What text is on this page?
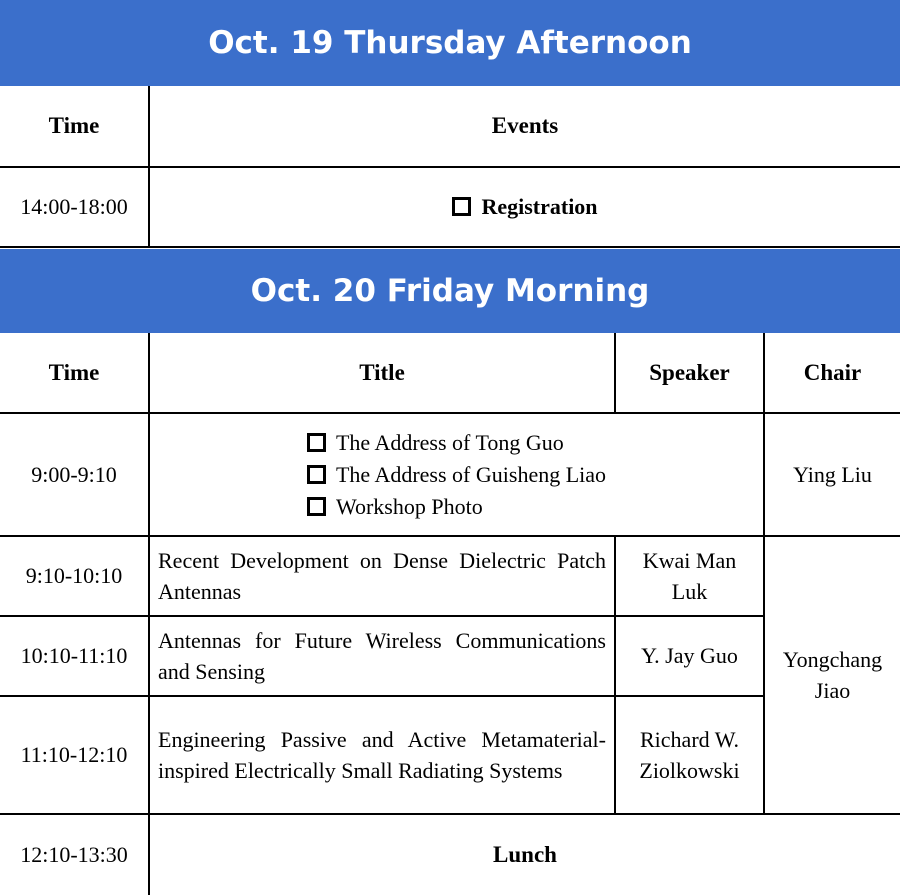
Oct. 19 Thursday Afternoon
Time	Events
14:00-18:00	Registration
Oct. 20 Friday Morning
Time	Title	Speaker	Chair
9:00-9:10	The Address of Tong Guo
The Address of Guisheng Liao
Workshop Photo		Ying Liu
9:10-10:10	Recent Development on Dense Dielectric Patch Antennas	Kwai Man Luk	Yongchang Jiao
10:10-11:10	Antennas for Future Wireless Communications and Sensing	Y. Jay Guo	
11:10-12:10	Engineering Passive and Active Metamaterial-inspired Electrically Small Radiating Systems	Richard W. Ziolkowski	
12:10-13:30	Lunch		
